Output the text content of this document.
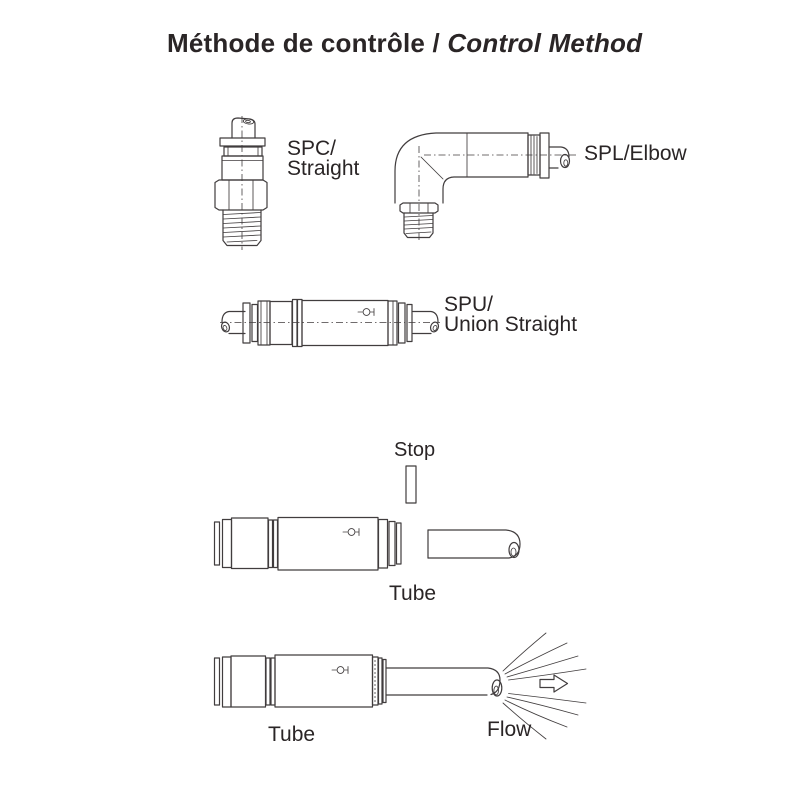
Méthode de contrôle / Control Method
SPC/
Straight
SPL/Elbow
SPU/
Union Straight
Stop
Tube
Tube	Flow
